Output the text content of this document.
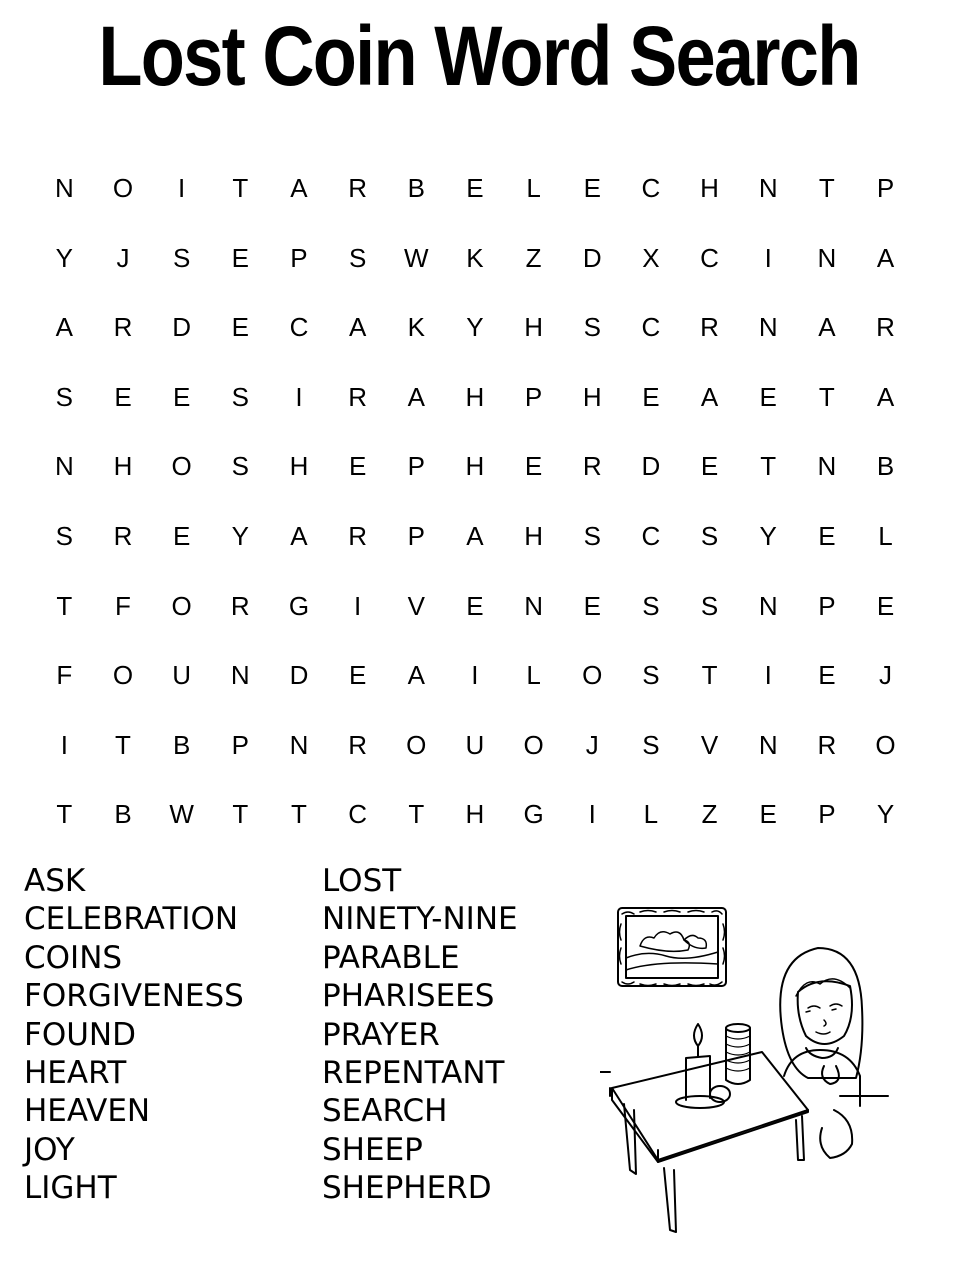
Lost Coin Word Search
N	O	I	T	A	R	B	E	L	E	C	H	N	T	P
Y	J	S	E	P	S	W	K	Z	D	X	C	I	N	A
A	R	D	E	C	A	K	Y	H	S	C	R	N	A	R
S	E	E	S	I	R	A	H	P	H	E	A	E	T	A
N	H	O	S	H	E	P	H	E	R	D	E	T	N	B
S	R	E	Y	A	R	P	A	H	S	C	S	Y	E	L
T	F	O	R	G	I	V	E	N	E	S	S	N	P	E
F	O	U	N	D	E	A	I	L	O	S	T	I	E	J
I	T	B	P	N	R	O	U	O	J	S	V	N	R	O
T	B	W	T	T	C	T	H	G	I	L	Z	E	P	Y
ASK
CELEBRATION
COINS
FORGIVENESS
FOUND
HEART
HEAVEN
JOY
LIGHT
LOST
NINETY-NINE
PARABLE
PHARISEES
PRAYER
REPENTANT
SEARCH
SHEEP
SHEPHERD
